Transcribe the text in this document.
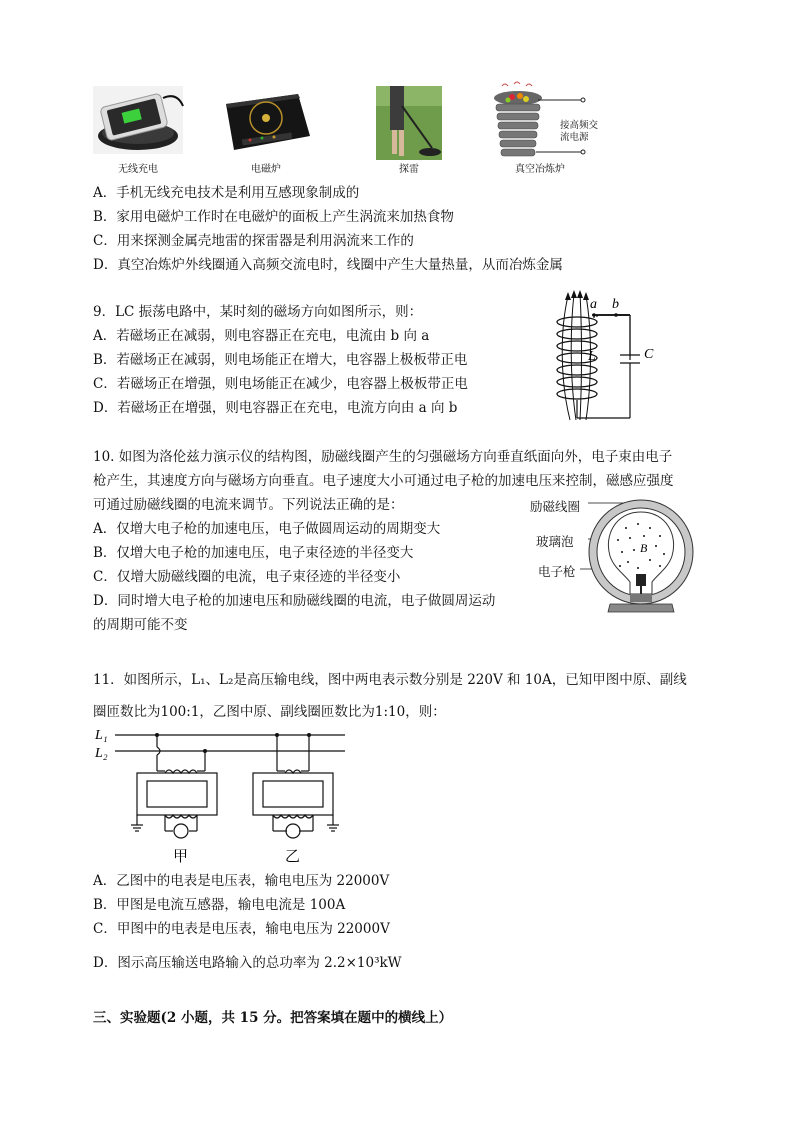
无线充电	电磁炉	探雷
接高频交流电源
真空冶炼炉
A．手机无线充电技术是利用互感现象制成的
B．家用电磁炉工作时在电磁炉的面板上产生涡流来加热食物
C．用来探测金属壳地雷的探雷器是利用涡流来工作的
D．真空冶炼炉外线圈通入高频交流电时，线圈中产生大量热量，从而冶炼金属
9．LC 振荡电路中，某时刻的磁场方向如图所示，则：
A．若磁场正在减弱，则电容器正在充电，电流由 b 向 a
B．若磁场正在减弱，则电场能正在增大，电容器上极板带正电
C．若磁场正在增强，则电场能正在减少，电容器上极板带正电
D．若磁场正在增强，则电容器正在充电，电流方向由 a 向 b
a b
L	C
10. 如图为洛伦兹力演示仪的结构图，励磁线圈产生的匀强磁场方向垂直纸面向外，电子束由电子
枪产生，其速度方向与磁场方向垂直。电子速度大小可通过电子枪的加速电压来控制，磁感应强度
可通过励磁线圈的电流来调节。下列说法正确的是：
A．仅增大电子枪的加速电压，电子做圆周运动的周期变大
B．仅增大电子枪的加速电压，电子束径迹的半径变大
C．仅增大励磁线圈的电流，电子束径迹的半径变小
D．同时增大电子枪的加速电压和励磁线圈的电流，电子做圆周运动
的周期可能不变
励磁线圈
玻璃泡
电子枪
B
11．如图所示，L₁、L₂是高压输电线，图中两电表示数分别是 220V 和 10A，已知甲图中原、副线
圈匝数比为100:1，乙图中原、副线圈匝数比为1:10，则：
L₁
L₂
甲	乙
A．乙图中的电表是电压表，输电电压为 22000V
B．甲图是电流互感器，输电电流是 100A
C．甲图中的电表是电压表，输电电压为 22000V
D．图示高压输送电路输入的总功率为 2.2×10³kW
三、实验题(2 小题，共 15 分。把答案填在题中的横线上）
